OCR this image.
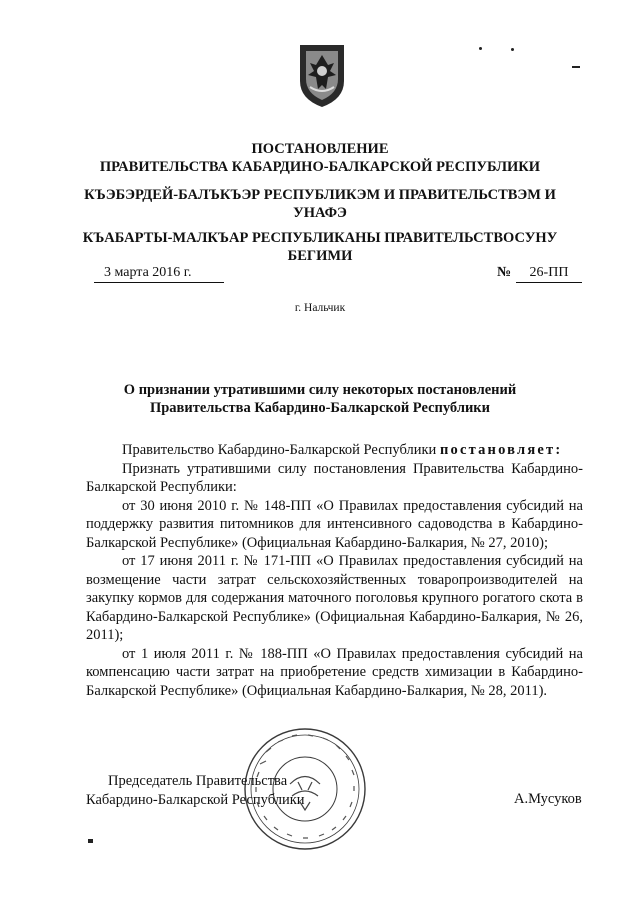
ПОСТАНОВЛЕНИЕ
ПРАВИТЕЛЬСТВА КАБАРДИНО-БАЛКАРСКОЙ РЕСПУБЛИКИ
КЪЭБЭРДЕЙ-БАЛЪКЪЭР РЕСПУБЛИКЭМ И ПРАВИТЕЛЬСТВЭМ И
УНАФЭ
КЪАБАРТЫ-МАЛКЪАР РЕСПУБЛИКАНЫ ПРАВИТЕЛЬСТВОСУНУ
БЕГИМИ
3 марта 2016 г.	№	26-ПП
г. Нальчик
О признании утратившими силу некоторых постановлений
Правительства Кабардино-Балкарской Республики

Правительство Кабардино-Балкарской Республики постановляет:

Признать утратившими силу постановления Правительства Кабардино-Балкарской Республики:

от 30 июня 2010 г. № 148-ПП «О Правилах предоставления субсидий на поддержку развития питомников для интенсивного садоводства в Кабардино-Балкарской Республике» (Официальная Кабардино-Балкария, № 27, 2010);

от 17 июня 2011 г. № 171-ПП «О Правилах предоставления субсидий на возмещение части затрат сельскохозяйственных товаропроизводителей на закупку кормов для содержания маточного поголовья крупного рогатого скота в Кабардино-Балкарской Республике» (Официальная Кабардино-Балкария, № 26, 2011);

от 1 июля 2011 г. № 188-ПП «О Правилах предоставления субсидий на компенсацию части затрат на приобретение средств химизации в Кабардино-Балкарской Республике» (Официальная Кабардино-Балкария, № 28, 2011).

Председатель Правительства
Кабардино-Балкарской Республики	А.Мусуков
